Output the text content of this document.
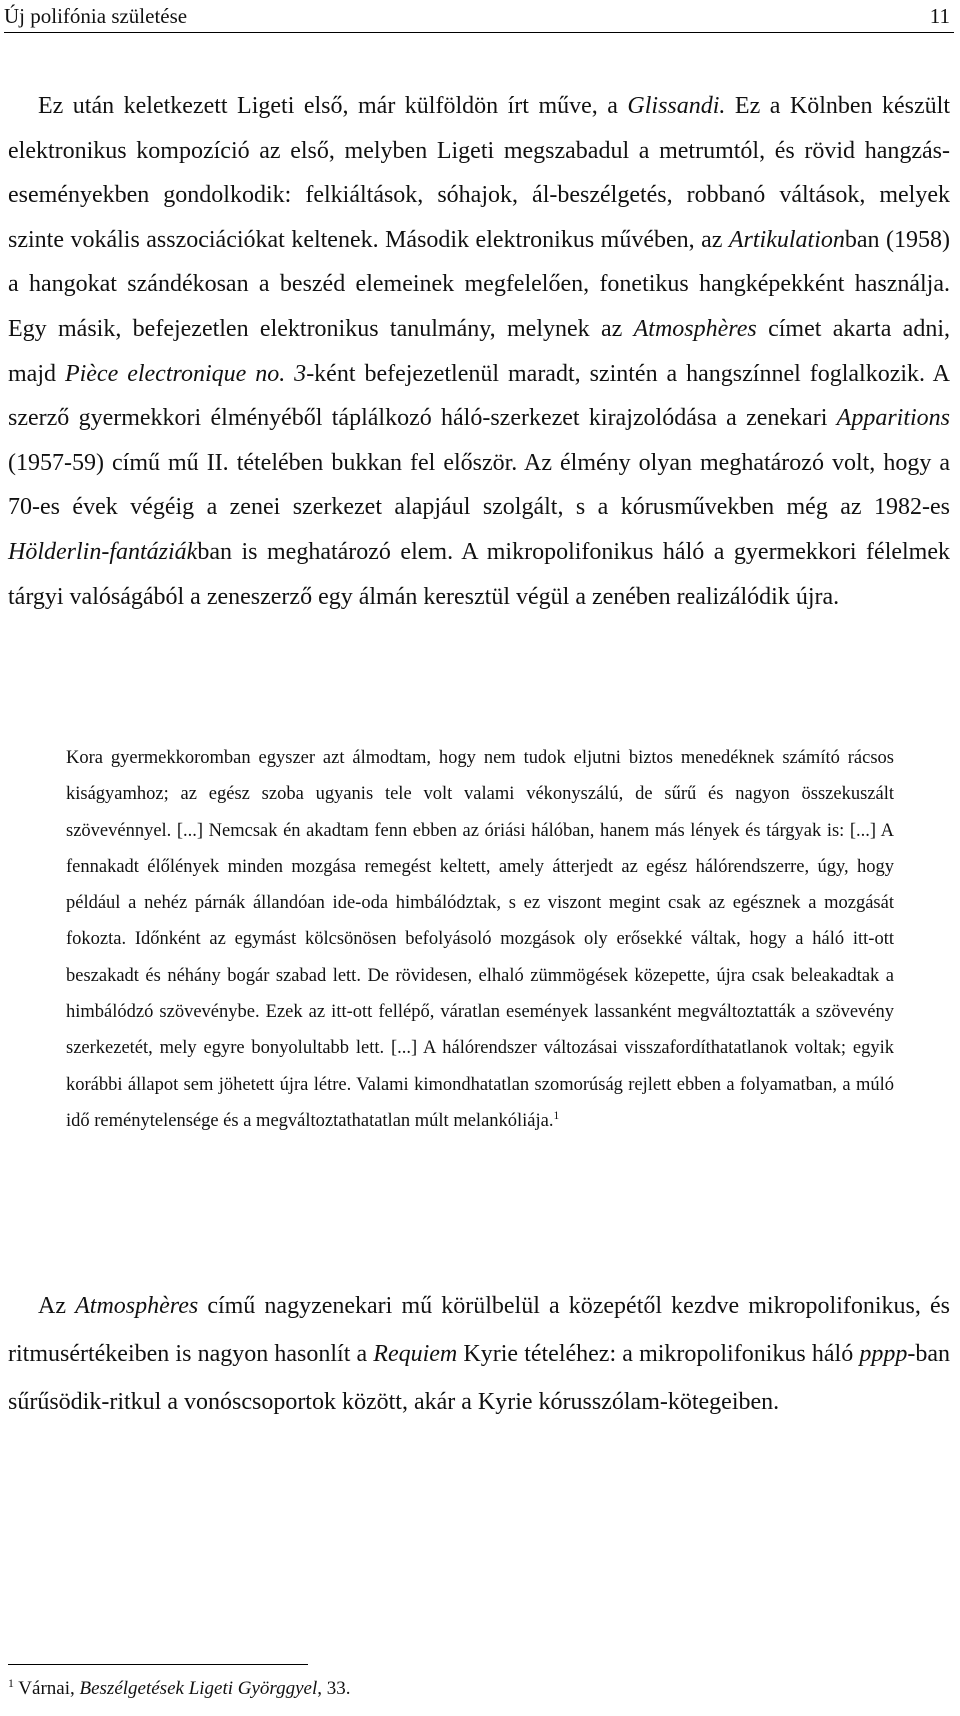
Új polifónia születése	11

Ez után keletkezett Ligeti első, már külföldön írt műve, a Glissandi. Ez a Kölnben készült elektronikus kompozíció az első, melyben Ligeti megszabadul a metrumtól, és rövid hangzás-eseményekben gondolkodik: felkiáltások, sóhajok, ál-beszélgetés, robbanó váltások, melyek szinte vokális asszociációkat keltenek. Második elektronikus művében, az Artikulationban (1958) a hangokat szándékosan a beszéd elemeinek megfelelően, fonetikus hangképekként használja. Egy másik, befejezetlen elektronikus tanulmány, melynek az Atmosphères címet akarta adni, majd Pièce electronique no. 3-ként befejezetlenül maradt, szintén a hangszínnel foglalkozik. A szerző gyermekkori élményéből táplálkozó háló-szerkezet kirajzolódása a zenekari Apparitions (1957-59) című mű II. tételében bukkan fel először. Az élmény olyan meghatározó volt, hogy a 70-es évek végéig a zenei szerkezet alapjául szolgált, s a kórusművekben még az 1982-es Hölderlin-fantáziákban is meghatározó elem. A mikropolifonikus háló a gyermekkori félelmek tárgyi valóságából a zeneszerző egy álmán keresztül végül a zenében realizálódik újra.

Kora gyermekkoromban egyszer azt álmodtam, hogy nem tudok eljutni biztos menedéknek számító rácsos kiságyamhoz; az egész szoba ugyanis tele volt valami vékonyszálú, de sűrű és nagyon összekuszált szövevénnyel. [...] Nemcsak én akadtam fenn ebben az óriási hálóban, hanem más lények és tárgyak is: [...] A fennakadt élőlények minden mozgása remegést keltett, amely átterjedt az egész hálórendszerre, úgy, hogy például a nehéz párnák állandóan ide-oda himbálództak, s ez viszont megint csak az egésznek a mozgását fokozta. Időnként az egymást kölcsönösen befolyásoló mozgások oly erősekké váltak, hogy a háló itt-ott beszakadt és néhány bogár szabad lett. De rövidesen, elhaló zümmögések közepette, újra csak beleakadtak a himbálódzó szövevénybe. Ezek az itt-ott fellépő, váratlan események lassanként megváltoztatták a szövevény szerkezetét, mely egyre bonyolultabb lett. [...] A hálórendszer változásai visszafordíthatatlanok voltak; egyik korábbi állapot sem jöhetett újra létre. Valami kimondhatatlan szomorúság rejlett ebben a folyamatban, a múló idő reménytelensége és a megváltoztathatatlan múlt melankóliája.$^1$

Az Atmosphères című nagyzenekari mű körülbelül a közepétől kezdve mikropolifonikus, és ritmusértékeiben is nagyon hasonlít a Requiem Kyrie tételéhez: a mikropolifonikus háló pppp-ban sűrűsödik-ritkul a vonóscsoportok között, akár a Kyrie kórusszólam-kötegeiben.

$^1$ Várnai, Beszélgetések Ligeti Györggyel, 33.
